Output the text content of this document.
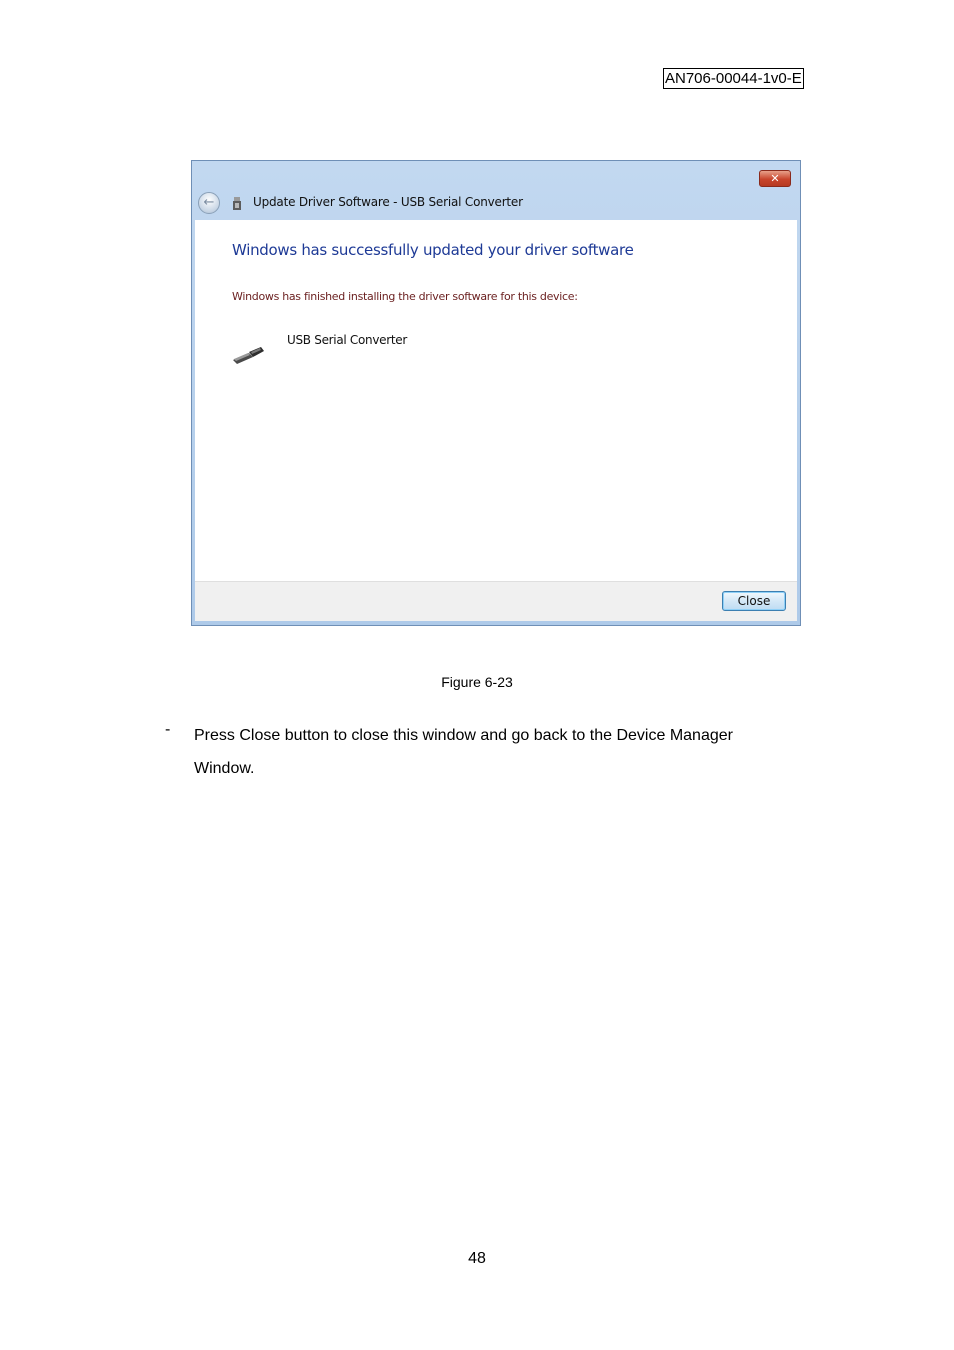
AN706-00044-1v0-E
✕
←	Update Driver Software - USB Serial Converter
Windows has successfully updated your driver software
Windows has finished installing the driver software for this device:
USB Serial Converter
Close
Figure 6-23
- Press Close button to close this window and go back to the Device Manager Window.
48
